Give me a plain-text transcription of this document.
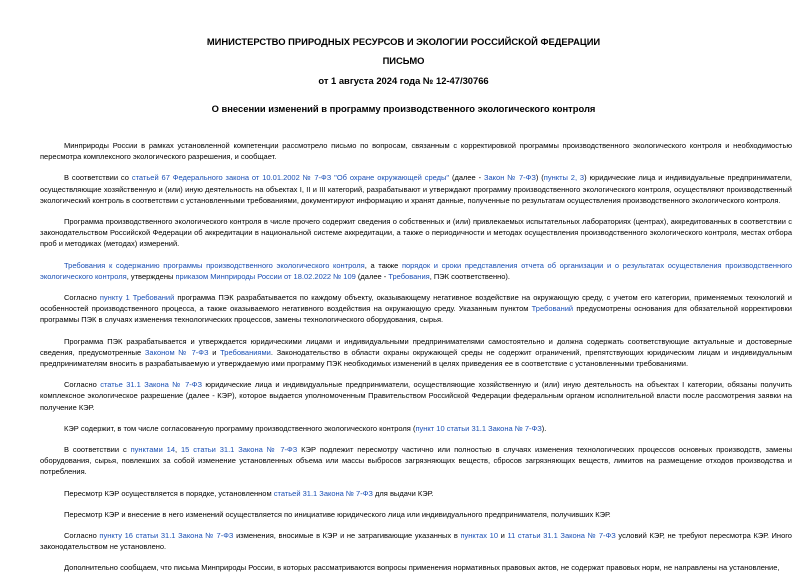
МИНИСТЕРСТВО ПРИРОДНЫХ РЕСУРСОВ И ЭКОЛОГИИ РОССИЙСКОЙ ФЕДЕРАЦИИ
ПИСЬМО
от 1 августа 2024 года № 12-47/30766
О внесении изменений в программу производственного экологического контроля

Минприроды России в рамках установленной компетенции рассмотрело письмо по вопросам, связанным с корректировкой программы производственного экологического контроля и необходимостью пересмотра комплексного экологического разрешения, и сообщает.

В соответствии со статьей 67 Федерального закона от 10.01.2002 № 7-ФЗ "Об охране окружающей среды" (далее - Закон № 7-ФЗ) (пункты 2, 3) юридические лица и индивидуальные предприниматели, осуществляющие хозяйственную и (или) иную деятельность на объектах I, II и III категорий, разрабатывают и утверждают программу производственного экологического контроля, осуществляют производственный экологический контроль в соответствии с установленными требованиями, документируют информацию и хранят данные, полученные по результатам осуществления производственного экологического контроля.

Программа производственного экологического контроля в числе прочего содержит сведения о собственных и (или) привлекаемых испытательных лабораториях (центрах), аккредитованных в соответствии с законодательством Российской Федерации об аккредитации в национальной системе аккредитации, а также о периодичности и методах осуществления производственного экологического контроля, местах отбора проб и методиках (методах) измерений.

Требования к содержанию программы производственного экологического контроля, а также порядок и сроки представления отчета об организации и о результатах осуществления производственного экологического контроля, утверждены приказом Минприроды России от 18.02.2022 № 109 (далее - Требования, ПЭК соответственно).

Согласно пункту 1 Требований программа ПЭК разрабатывается по каждому объекту, оказывающему негативное воздействие на окружающую среду, с учетом его категории, применяемых технологий и особенностей производственного процесса, а также оказываемого негативного воздействия на окружающую среду. Указанным пунктом Требований предусмотрены основания для обязательной корректировки программы ПЭК в случаях изменения технологических процессов, замены технологического оборудования, сырья.

Программа ПЭК разрабатывается и утверждается юридическими лицами и индивидуальными предпринимателями самостоятельно и должна содержать соответствующие актуальные и достоверные сведения, предусмотренные Законом № 7-ФЗ и Требованиями. Законодательство в области охраны окружающей среды не содержит ограничений, препятствующих юридическим лицам и индивидуальным предпринимателям вносить в разрабатываемую и утверждаемую ими программу ПЭК необходимых изменений в целях приведения ее в соответствие с установленными требованиями.

Согласно статье 31.1 Закона № 7-ФЗ юридические лица и индивидуальные предприниматели, осуществляющие хозяйственную и (или) иную деятельность на объектах I категории, обязаны получить комплексное экологическое разрешение (далее - КЭР), которое выдается уполномоченным Правительством Российской Федерации федеральным органом исполнительной власти после рассмотрения заявки на получение КЭР.

КЭР содержит, в том числе согласованную программу производственного экологического контроля (пункт 10 статьи 31.1 Закона № 7-ФЗ).

В соответствии с пунктами 14, 15 статьи 31.1 Закона № 7-ФЗ КЭР подлежит пересмотру частично или полностью в случаях изменения технологических процессов основных производств, замены оборудования, сырья, повлекших за собой изменение установленных объема или массы выбросов загрязняющих веществ, сбросов загрязняющих веществ, лимитов на размещение отходов производства и потребления.

Пересмотр КЭР осуществляется в порядке, установленном статьей 31.1 Закона № 7-ФЗ для выдачи КЭР.

Пересмотр КЭР и внесение в него изменений осуществляется по инициативе юридического лица или индивидуального предпринимателя, получивших КЭР.

Согласно пункту 16 статьи 31.1 Закона № 7-ФЗ изменения, вносимые в КЭР и не затрагивающие указанных в пунктах 10 и 11 статьи 31.1 Закона № 7-ФЗ условий КЭР, не требуют пересмотра КЭР. Иного законодательством не установлено.

Дополнительно сообщаем, что письма Минприроды России, в которых рассматриваются вопросы применения нормативных правовых актов, не содержат правовых норм, не направлены на установление,
